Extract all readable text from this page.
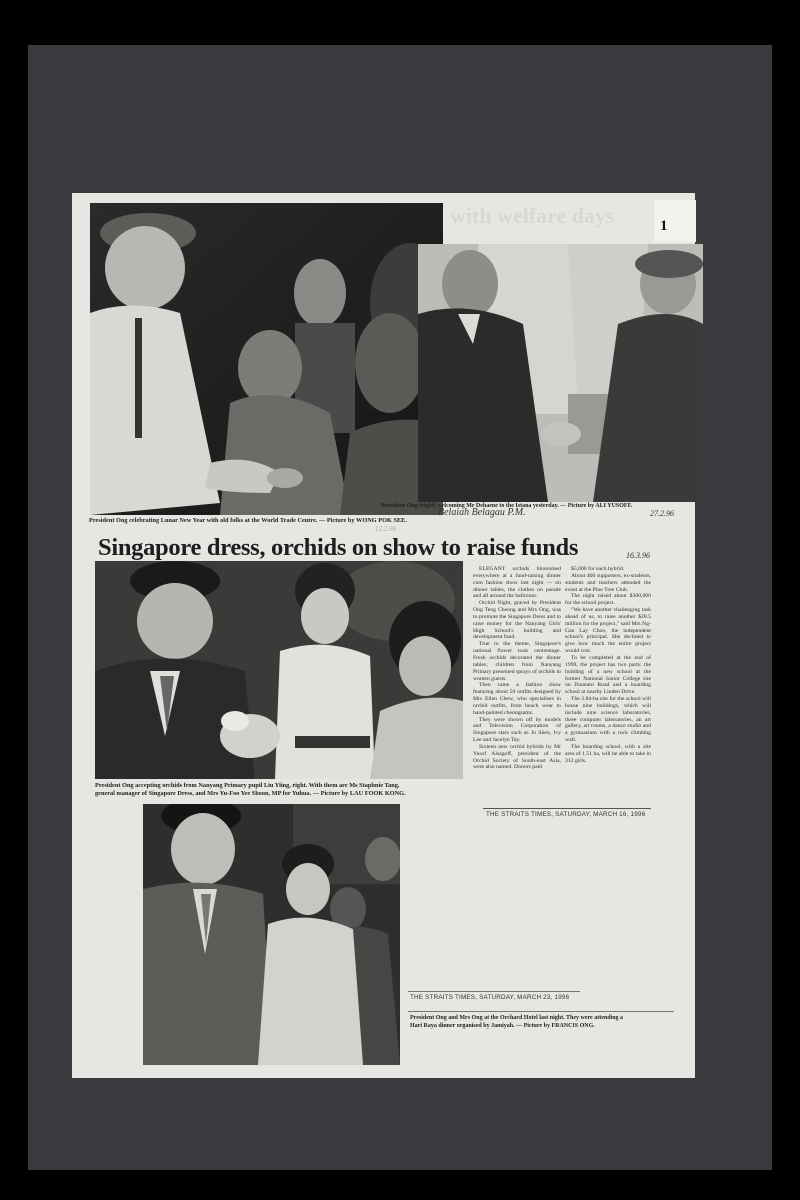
with welfare days	1
President Ong celebrating Lunar New Year with old folks at the World Trade Centre. — Picture by WONG POK SEE.
President Ong (right) welcoming Mr Dehaene to the Istana yesterday. — Picture by ALI YUSOFF.
Belaiah Belagau P.M.	27.2.96
12.2.96
Singapore dress, orchids on show to raise funds	16.3.96
President Ong accepting orchids from Nanyang Primary pupil Liu Yiing, right. With them are Ms Staphnie Tang,
general manager of Singapore Dress, and Mrs Yu-Foo Yee Shoon, MP for Yuhua. — Picture by LAU FOOK KONG.

ELEGANT orchids blossomed everywhere at a fund-raising dinner cum fashion show last night — on dinner tables, the clothes on parade and all around the ballroom.

Orchid Night, graced by President Ong Teng Cheong and Mrs Ong, was to promote the Singapore Dress and to raise money for the Nanyang Girls' High School's building and development fund.

True to the theme, Singapore's national flower took centrestage. Fresh orchids decorated the dinner tables; children from Nanyang Primary presented sprays of orchids to women guests.

Then came a fashion show featuring about 50 outfits designed by Mrs Ellen Chew, who specialises in orchid outfits, from beach wear to hand-painted cheongsams.

They were shown off by models and Television Corporation of Singapore stars such as Jo Shen, Ivy Lee and Jacelyn Tay.

Sixteen new orchid hybrids by Mr Yusof Alsagoff, president of the Orchid Society of South-east Asia, were also named. Donors paid

$5,000 for each hybrid.

About 400 supporters, ex-students, students and teachers attended the event at the Pine Tree Club.

The night raised about $300,000 for the school project.

"We have another challenging task ahead of us, to raise another $28.5 million for the project," said Mrs Ng-Gan Lay Choo, the independent school's principal. She declined to give how much the entire project would cost.

To be completed at the end of 1999, the project has two parts: the building of a new school at the former National Junior College site on Dunearn Road and a boarding school at nearby Linden Drive.

The 3.84-ha site for the school will house nine buildings, which will include nine science laboratories, three computer laboratories, an art gallery, art rooms, a dance studio and a gymnasium with a rock climbing wall.

The boarding school, with a site area of 1.51 ha, will be able to take in 312 girls.

THE STRAITS TIMES, SATURDAY, MARCH 16, 1996
THE STRAITS TIMES, SATURDAY, MARCH 23, 1996
President Ong and Mrs Ong at the Orchard Hotel last night. They were attending a
Hari Raya dinner organised by Jamiyah. — Picture by FRANCIS ONG.
